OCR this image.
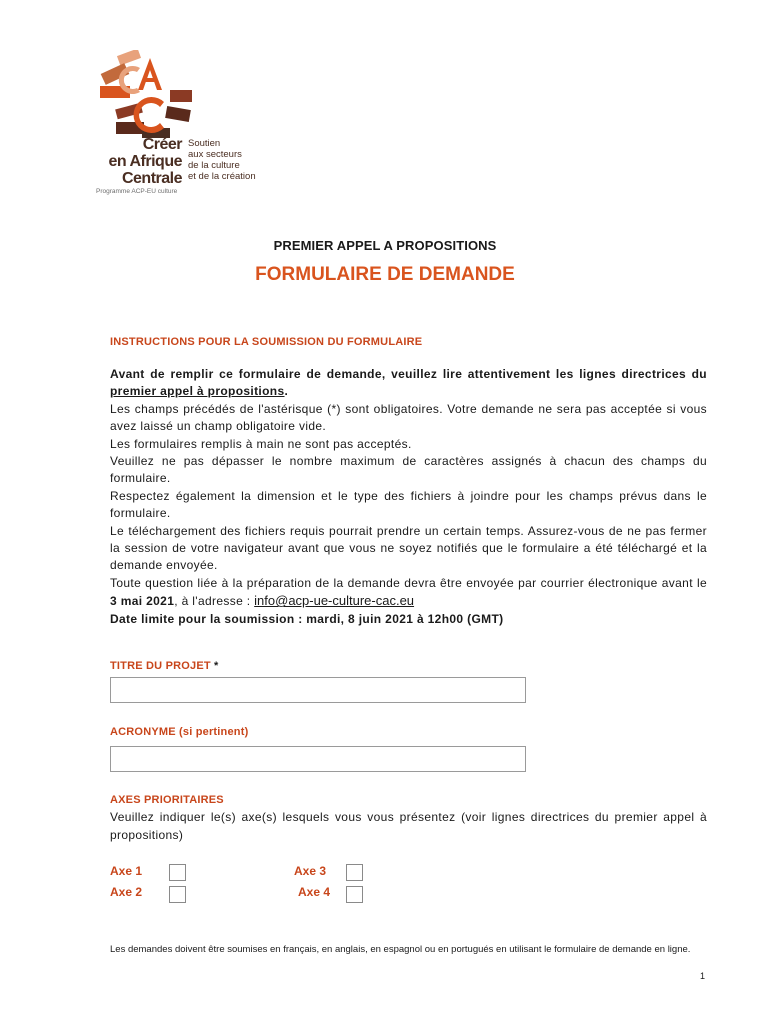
Créer
en Afrique
Centrale
Soutien
aux secteurs
de la culture
et de la création
Programme ACP-EU culture
PREMIER APPEL A PROPOSITIONS
FORMULAIRE DE DEMANDE
INSTRUCTIONS POUR LA SOUMISSION DU FORMULAIRE

Avant de remplir ce formulaire de demande, veuillez lire attentivement les lignes directrices du premier appel à propositions.

Les champs précédés de l'astérisque (*) sont obligatoires. Votre demande ne sera pas acceptée si vous avez laissé un champ obligatoire vide.

Les formulaires remplis à main ne sont pas acceptés.

Veuillez ne pas dépasser le nombre maximum de caractères assignés à chacun des champs du formulaire.

Respectez également la dimension et le type des fichiers à joindre pour les champs prévus dans le formulaire.

Le téléchargement des fichiers requis pourrait prendre un certain temps. Assurez-vous de ne pas fermer la session de votre navigateur avant que vous ne soyez notifiés que le formulaire a été téléchargé et la demande envoyée.

Toute question liée à la préparation de la demande devra être envoyée par courrier électronique avant le 3 mai 2021, à l'adresse : info@acp-ue-culture-cac.eu

Date limite pour la soumission : mardi, 8 juin 2021 à 12h00 (GMT)

TITRE DU PROJET *
ACRONYME (si pertinent)
AXES PRIORITAIRES
Veuillez indiquer le(s) axe(s) lesquels vous vous présentez (voir lignes directrices du premier appel à propositions)
Axe 1
Axe 2
Axe 3
Axe 4
Les demandes doivent être soumises en français, en anglais, en espagnol ou en portugués en utilisant le formulaire de demande en ligne.
1
